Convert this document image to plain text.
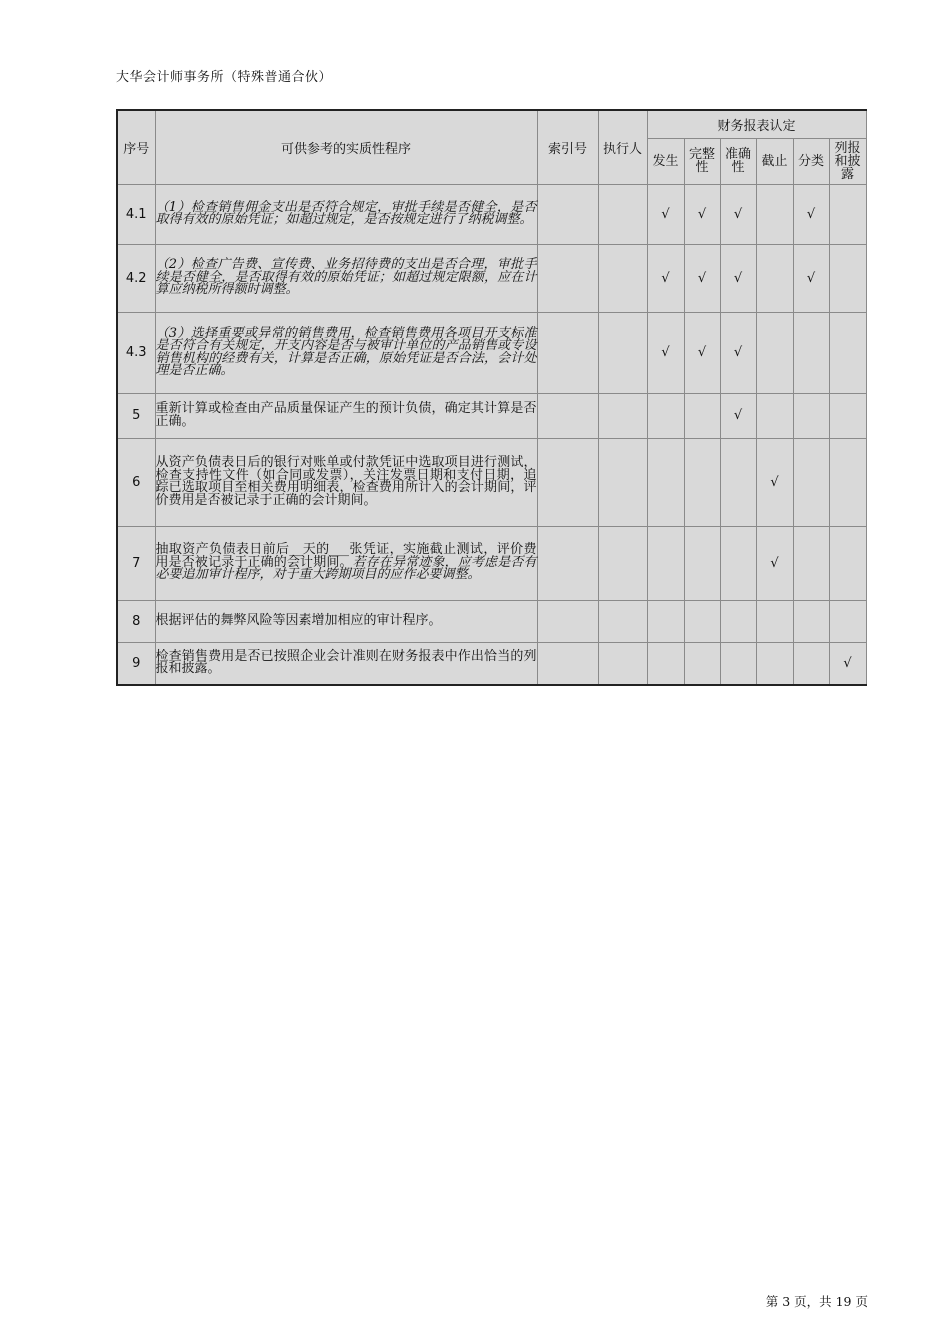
大华会计师事务所（特殊普通合伙）
序号	可供参考的实质性程序	索引号	执行人	财务报表认定					
				发生	完整性	准确性	截止	分类	列报和披露
4.1	（1）检查销售佣金支出是否符合规定，审批手续是否健全，是否取得有效的原始凭证；如超过规定，是否按规定进行了纳税调整。			√	√	√		√	
4.2	（2）检查广告费、宣传费、业务招待费的支出是否合理，审批手续是否健全，是否取得有效的原始凭证；如超过规定限额，应在计算应纳税所得额时调整。			√	√	√		√	
4.3	（3）选择重要或异常的销售费用，检查销售费用各项目开支标准是否符合有关规定，开支内容是否与被审计单位的产品销售或专设销售机构的经费有关，计算是否正确，原始凭证是否合法，会计处理是否正确。			√	√	√			
5	重新计算或检查由产品质量保证产生的预计负债，确定其计算是否正确。					√			
6	从资产负债表日后的银行对账单或付款凭证中选取项目进行测试，检查支持性文件（如合同或发票），关注发票日期和支付日期，追踪已选取项目至相关费用明细表，检查费用所计入的会计期间，评价费用是否被记录于正确的会计期间。						√		
7	抽取资产负债表日前后__天的___张凭证，实施截止测试，评价费用是否被记录于正确的会计期间。若存在异常迹象，应考虑是否有必要追加审计程序，对于重大跨期项目的应作必要调整。						√		
8	根据评估的舞弊风险等因素增加相应的审计程序。								
9	检查销售费用是否已按照企业会计准则在财务报表中作出恰当的列报和披露。								√
第 3 页，共 19 页
